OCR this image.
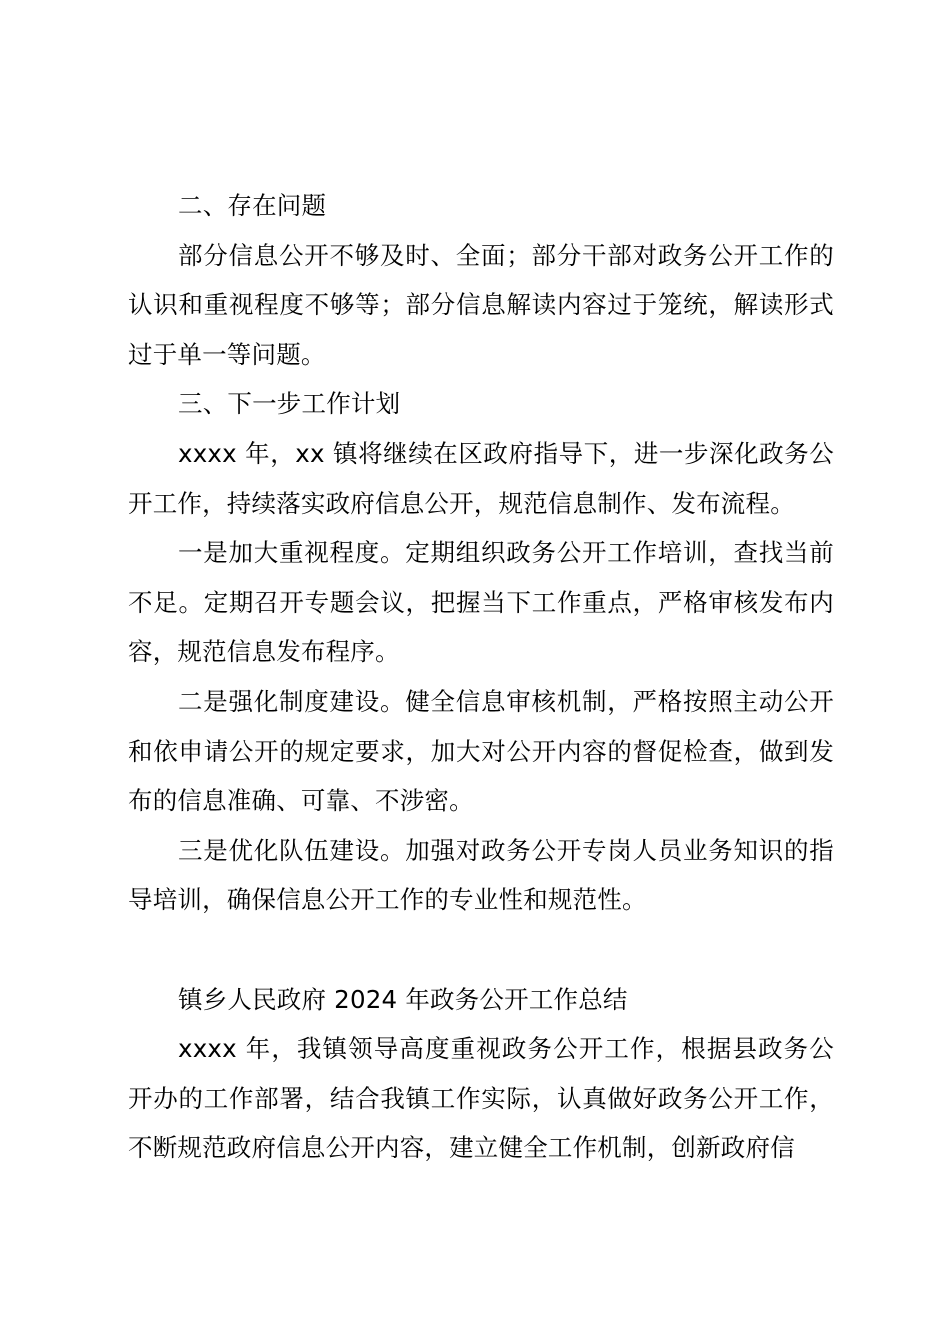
二、存在问题

部分信息公开不够及时、全面；部分干部对政务公开工作的认识和重视程度不够等；部分信息解读内容过于笼统，解读形式过于单一等问题。

三、下一步工作计划

xxxx 年，xx 镇将继续在区政府指导下，进一步深化政务公开工作，持续落实政府信息公开，规范信息制作、发布流程。

一是加大重视程度。定期组织政务公开工作培训，查找当前不足。定期召开专题会议，把握当下工作重点，严格审核发布内容，规范信息发布程序。

二是强化制度建设。健全信息审核机制，严格按照主动公开和依申请公开的规定要求，加大对公开内容的督促检查，做到发布的信息准确、可靠、不涉密。

三是优化队伍建设。加强对政务公开专岗人员业务知识的指导培训，确保信息公开工作的专业性和规范性。

镇乡人民政府 2024 年政务公开工作总结

xxxx 年，我镇领导高度重视政务公开工作，根据县政务公开办的工作部署，结合我镇工作实际，认真做好政务公开工作，不断规范政府信息公开内容，建立健全工作机制，创新政府信
